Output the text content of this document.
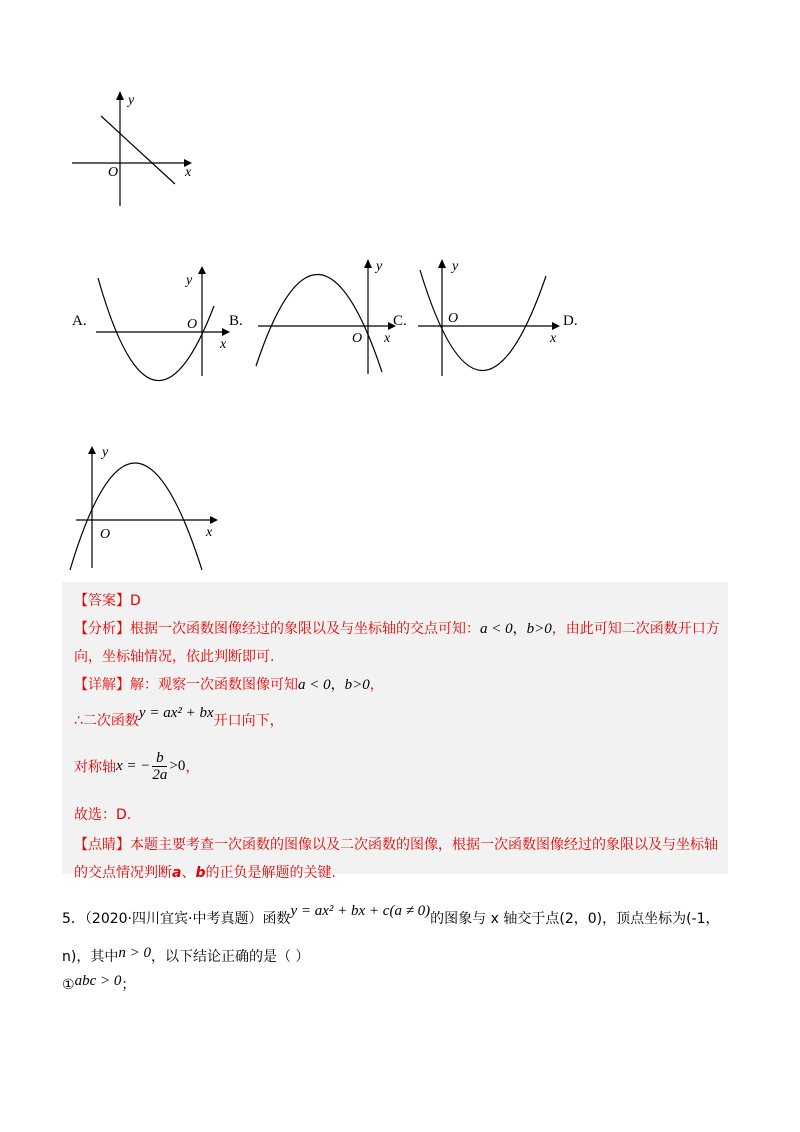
y
x
O
A.
y
x
O B.
y
x
O
C.
y
x
O	D.
y
x
O
【答案】D
【分析】根据一次函数图像经过的象限以及与坐标轴的交点可知：a < 0，b>0，由此可知二次函数开口方
向，坐标轴情况，依此判断即可.
【详解】解：观察一次函数图像可知a < 0，b>0，
∴二次函数y = ax² + bx开口向下，
对称轴x = − $\frac{b}{2a} >0$，
故选：D.
【点睛】本题主要考查一次函数的图像以及二次函数的图像，根据一次函数图像经过的象限以及与坐标轴
的交点情况判断a、b的正负是解题的关键.
5．（2020·四川宜宾·中考真题）函数y = ax² + bx + c(a ≠ 0)的图象与 x 轴交于点(2，0)，顶点坐标为(-1，
n)，其中n > 0，以下结论正确的是（ ）
①abc > 0；
